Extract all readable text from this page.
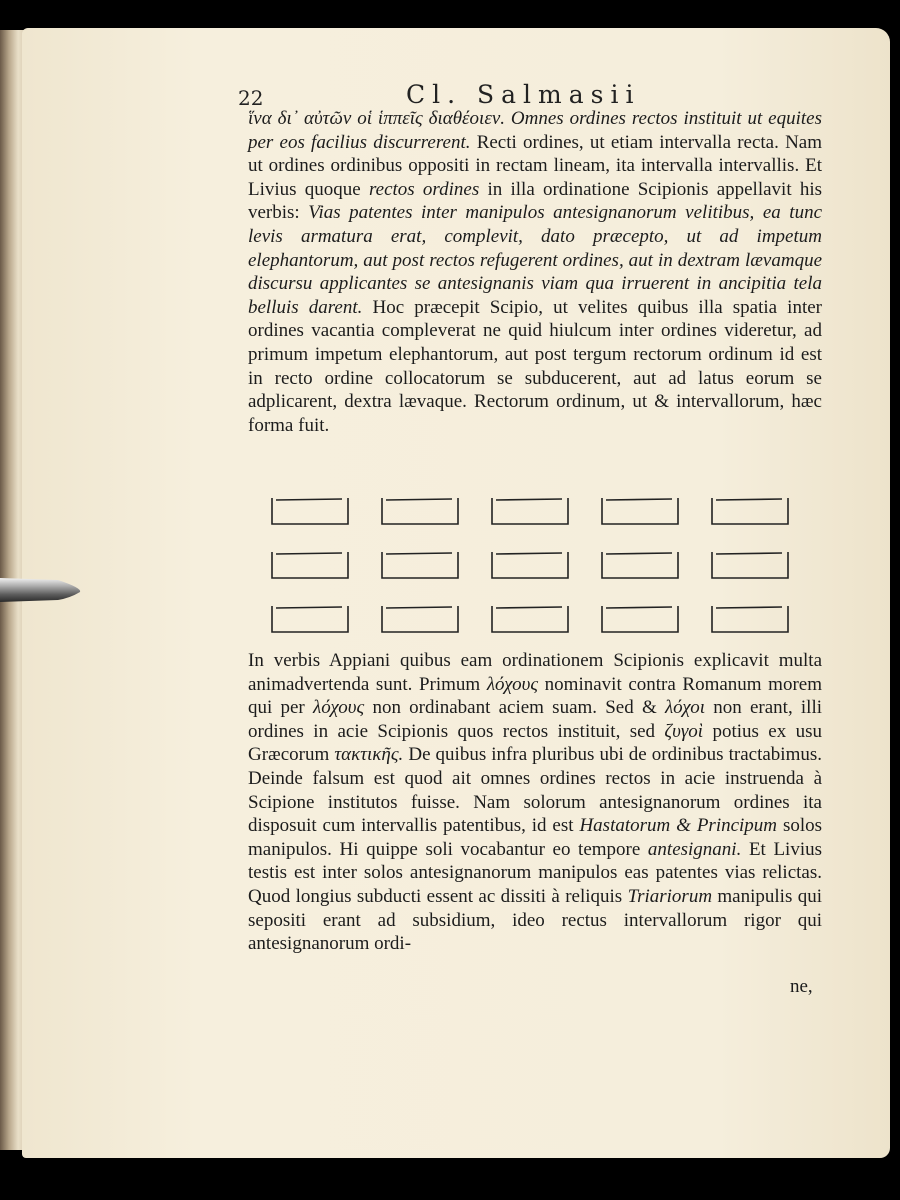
22	Cl. Salmasii

ἵνα δι᾽ αὐτῶν οἱ ἱππεῖς διαθέοιεν. Omnes ordines rectos instituit ut equites per eos facilius discurrerent. Recti ordines, ut etiam intervalla recta. Nam ut ordines ordinibus oppositi in rectam lineam, ita intervalla intervallis. Et Livius quoque rectos ordines in illa ordinatione Scipionis appellavit his verbis: Vias patentes inter manipulos antesignanorum velitibus, ea tunc levis armatura erat, complevit, dato præcepto, ut ad impetum elephantorum, aut post rectos refugerent ordines, aut in dextram lævamque discursu applicantes se antesignanis viam qua irruerent in ancipitia tela belluis darent. Hoc præcepit Scipio, ut velites quibus illa spatia inter ordines vacantia compleverat ne quid hiulcum inter ordines videretur, ad primum impetum elephantorum, aut post tergum rectorum ordinum id est in recto ordine collocatorum se subducerent, aut ad latus eorum se adplicarent, dextra lævaque. Rectorum ordinum, ut & intervallorum, hæc forma fuit.

In verbis Appiani quibus eam ordinationem Scipionis explicavit multa animadvertenda sunt. Primum λόχους nominavit contra Romanum morem qui per λόχους non ordinabant aciem suam. Sed & λόχοι non erant, illi ordines in acie Scipionis quos rectos instituit, sed ζυγοὶ potius ex usu Græcorum τακτικῆς. De quibus infra pluribus ubi de ordinibus tractabimus. Deinde falsum est quod ait omnes ordines rectos in acie instruenda à Scipione institutos fuisse. Nam solorum antesignanorum ordines ita disposuit cum intervallis patentibus, id est Hastatorum & Principum solos manipulos. Hi quippe soli vocabantur eo tempore antesignani. Et Livius testis est inter solos antesignanorum manipulos eas patentes vias relictas. Quod longius subducti essent ac dissiti à reliquis Triariorum manipulis qui sepositi erant ad subsidium, ideo rectus intervallorum rigor qui antesignanorum ordi-

ne,
